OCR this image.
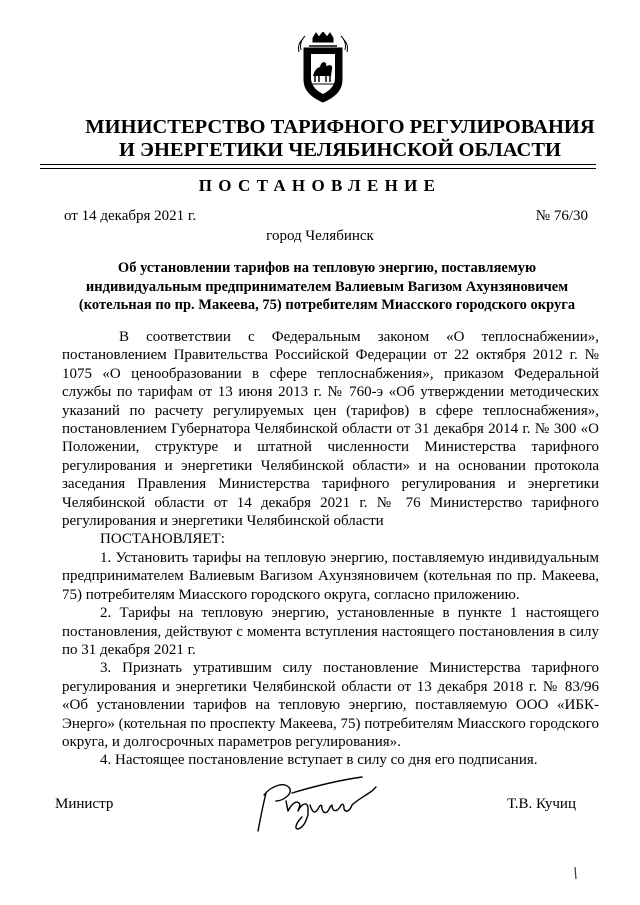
МИНИСТЕРСТВО ТАРИФНОГО РЕГУЛИРОВАНИЯ
И ЭНЕРГЕТИКИ ЧЕЛЯБИНСКОЙ ОБЛАСТИ
ПОСТАНОВЛЕНИЕ
от 14 декабря 2021 г.	№ 76/30
город Челябинск
Об установлении тарифов на тепловую энергию, поставляемую
индивидуальным предпринимателем Валиевым Вагизом Ахунзяновичем
(котельная по пр. Макеева, 75) потребителям Миасского городского округа

В соответствии с Федеральным законом «О теплоснабжении», постановлением Правительства Российской Федерации от 22 октября 2012 г. № 1075 «О ценообразовании в сфере теплоснабжения», приказом Федеральной службы по тарифам от 13 июня 2013 г. № 760-э «Об утверждении методических указаний по расчету регулируемых цен (тарифов) в сфере теплоснабжения», постановлением Губернатора Челябинской области от 31 декабря 2014 г. № 300 «О Положении, структуре и штатной численности Министерства тарифного регулирования и энергетики Челябинской области» и на основании протокола заседания Правления Министерства тарифного регулирования и энергетики Челябинской области от 14 декабря 2021 г. № 76 Министерство тарифного регулирования и энергетики Челябинской области

ПОСТАНОВЛЯЕТ:

1. Установить тарифы на тепловую энергию, поставляемую индивидуальным предпринимателем Валиевым Вагизом Ахунзяновичем (котельная по пр. Макеева, 75) потребителям Миасского городского округа, согласно приложению.

2. Тарифы на тепловую энергию, установленные в пункте 1 настоящего постановления, действуют с момента вступления настоящего постановления в силу по 31 декабря 2021 г.

3. Признать утратившим силу постановление Министерства тарифного регулирования и энергетики Челябинской области от 13 декабря 2018 г. № 83/96 «Об установлении тарифов на тепловую энергию, поставляемую ООО «ИБК-Энерго» (котельная по проспекту Макеева, 75) потребителям Миасского городского округа, и долгосрочных параметров регулирования».

4. Настоящее постановление вступает в силу со дня его подписания.

Министр	Т.В. Кучиц
